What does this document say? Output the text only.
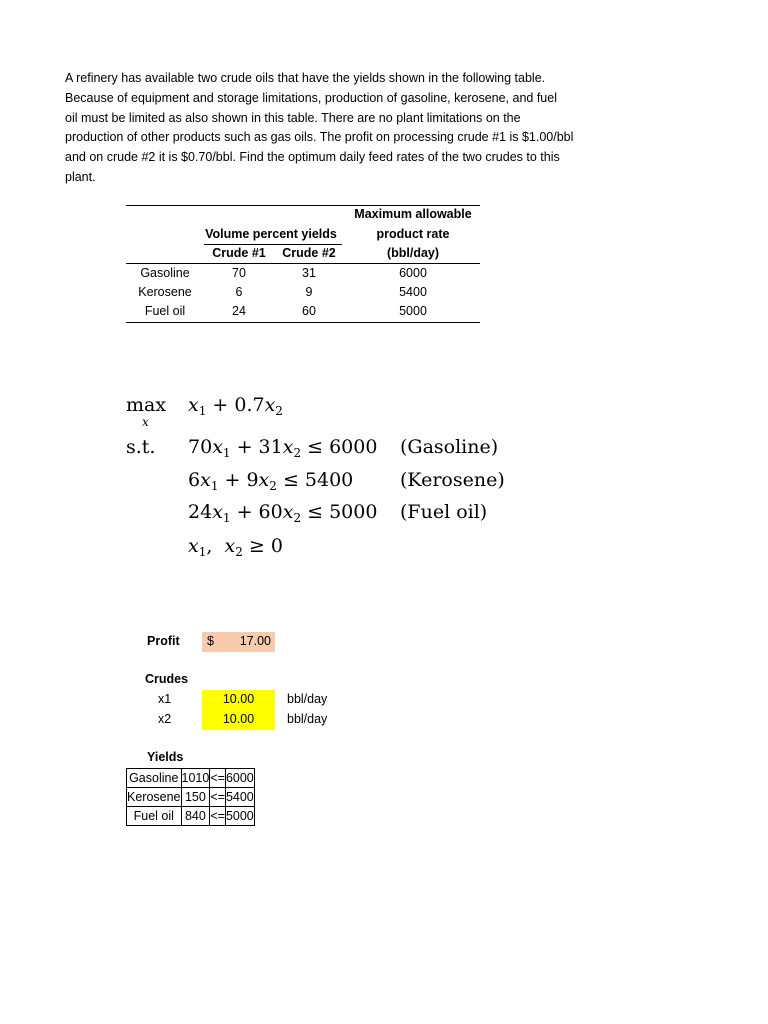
A refinery has available two crude oils that have the yields shown in the following table.
Because of equipment and storage limitations, production of gasoline, kerosene, and fuel
oil must be limited as also shown in this table. There are no plant limitations on the
production of other products such as gas oils. The profit on processing crude #1 is $1.00/bbl
and on crude #2 it is $0.70/bbl. Find the optimum daily feed rates of the two crudes to this
plant.
Maximum allowable
Volume percent yields	product rate
Crude #1	Crude #2	(bbl/day)
Gasoline	70	31	6000
Kerosene	6	9	5400
Fuel oil	24	60	5000
max
x
$x_1 + 0.7x_2$
s.t. $70x_1 + 31x_2 \le 6000$ (Gasoline)
$6x_1 + 9x_2 \le 5400$ (Kerosene)
$24x_1 + 60x_2 \le 5000$ (Fuel oil)
$x_1$,  $x_2 \ge 0$
Profit $ 17.00
Crudes
x1	10.00	bbl/day
x2	10.00	bbl/day
Yields
Gasoline	1010	<=	6000
Kerosene	150	<=	5400
Fuel oil	840	<=	5000
